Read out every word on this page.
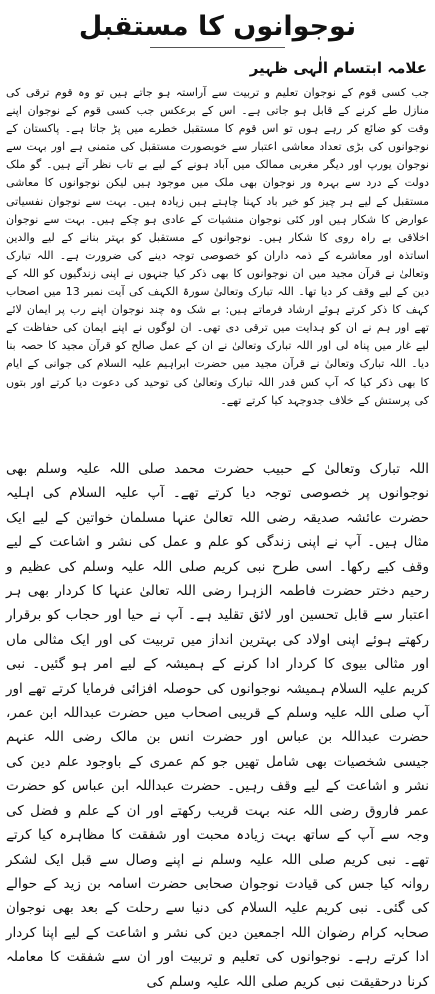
نوجوانوں کا مستقبل
علامہ ابتسام الٰہی ظہیر

جب کسی قوم کے نوجوان تعلیم و تربیت سے آراستہ ہو جاتے ہیں تو وہ قوم ترقی کی منازل طے کرنے کے قابل ہو جاتی ہے۔ اس کے برعکس جب کسی قوم کے نوجوان اپنے وقت کو ضائع کر رہے ہوں تو اس قوم کا مستقبل خطرے میں پڑ جاتا ہے۔ پاکستان کے نوجوانوں کی بڑی تعداد معاشی اعتبار سے خوبصورت مستقبل کی متمنی ہے اور بہت سے نوجوان یورپ اور دیگر مغربی ممالک میں آباد ہونے کے لیے بے تاب نظر آتے ہیں۔ گو ملک دولت کے درد سے بہرہ ور نوجوان بھی ملک میں موجود ہیں لیکن نوجوانوں کا معاشی مستقبل کے لیے ہر چیز کو خیر باد کہنا چاہتے ہیں زیادہ ہیں۔ بہت سے نوجوان نفسیاتی عوارض کا شکار ہیں اور کئی نوجوان منشیات کے عادی ہو چکے ہیں۔ بہت سے نوجوان اخلاقی بے راہ روی کا شکار ہیں۔ نوجوانوں کے مستقبل کو بہتر بنانے کے لیے والدین اساتذہ اور معاشرے کے ذمہ داران کو خصوصی توجہ دینے کی ضرورت ہے۔ اللہ تبارک وتعالیٰ نے قرآن مجید میں ان نوجوانوں کا بھی ذکر کیا جنہوں نے اپنی زندگیوں کو اللہ کے دین کے لیے وقف کر دیا تھا۔ اللہ تبارک وتعالیٰ سورۃ الکہف کی آیت نمبر 13 میں اصحاب کہف کا ذکر کرتے ہوئے ارشاد فرماتے ہیں: بے شک وہ چند نوجوان اپنے رب پر ایمان لائے تھے اور ہم نے ان کو ہدایت میں ترقی دی تھی۔ ان لوگوں نے اپنے ایمان کی حفاظت کے لیے غار میں پناہ لی اور اللہ تبارک وتعالیٰ نے ان کے عمل صالح کو قرآن مجید کا حصہ بنا دیا۔ اللہ تبارک وتعالیٰ نے قرآن مجید میں حضرت ابراہیم علیہ السلام کی جوانی کے ایام کا بھی ذکر کیا کہ آپ کس قدر اللہ تبارک وتعالیٰ کی توحید کی دعوت دیا کرتے اور بتوں کی پرستش کے خلاف جدوجہد کیا کرتے تھے۔

اللہ تبارک وتعالیٰ کے حبیب حضرت محمد صلی اللہ علیہ وسلم بھی نوجوانوں پر خصوصی توجہ دیا کرتے تھے۔ آپ علیہ السلام کی اہلیہ حضرت عائشہ صدیقہ رضی اللہ تعالیٰ عنہا مسلمان خواتین کے لیے ایک مثال ہیں۔ آپ نے اپنی زندگی کو علم و عمل کی نشر و اشاعت کے لیے وقف کیے رکھا۔ اسی طرح نبی کریم صلی اللہ علیہ وسلم کی عظیم و رحیم دختر حضرت فاطمہ الزہرا رضی اللہ تعالیٰ عنہا کا کردار بھی ہر اعتبار سے قابل تحسین اور لائق تقلید ہے۔ آپ نے حیا اور حجاب کو برقرار رکھتے ہوئے اپنی اولاد کی بہترین انداز میں تربیت کی اور ایک مثالی ماں اور مثالی بیوی کا کردار ادا کرنے کے ہمیشہ کے لیے امر ہو گئیں۔ نبی کریم علیہ السلام ہمیشہ نوجوانوں کی حوصلہ افزائی فرمایا کرتے تھے اور آپ صلی اللہ علیہ وسلم کے قریبی اصحاب میں حضرت عبداللہ ابن عمر، حضرت عبداللہ بن عباس اور حضرت انس بن مالک رضی اللہ عنہم جیسی شخصیات بھی شامل تھیں جو کم عمری کے باوجود علم دین کی نشر و اشاعت کے لیے وقف رہیں۔ حضرت عبداللہ ابن عباس کو حضرت عمر فاروق رضی اللہ عنہ بہت قریب رکھتے اور ان کے علم و فضل کی وجہ سے آپ کے ساتھ بہت زیادہ محبت اور شفقت کا مظاہرہ کیا کرتے تھے۔ نبی کریم صلی اللہ علیہ وسلم نے اپنے وصال سے قبل ایک لشکر روانہ کیا جس کی قیادت نوجوان صحابی حضرت اسامہ بن زید کے حوالے کی گئی۔ نبی کریم علیہ السلام کی دنیا سے رحلت کے بعد بھی نوجوان صحابہ کرام رضوان اللہ اجمعین دین کی نشر و اشاعت کے لیے اپنا کردار ادا کرتے رہے۔ نوجوانوں کی تعلیم و تربیت اور ان سے شفقت کا معاملہ کرنا درحقیقت نبی کریم صلی اللہ علیہ وسلم کی
